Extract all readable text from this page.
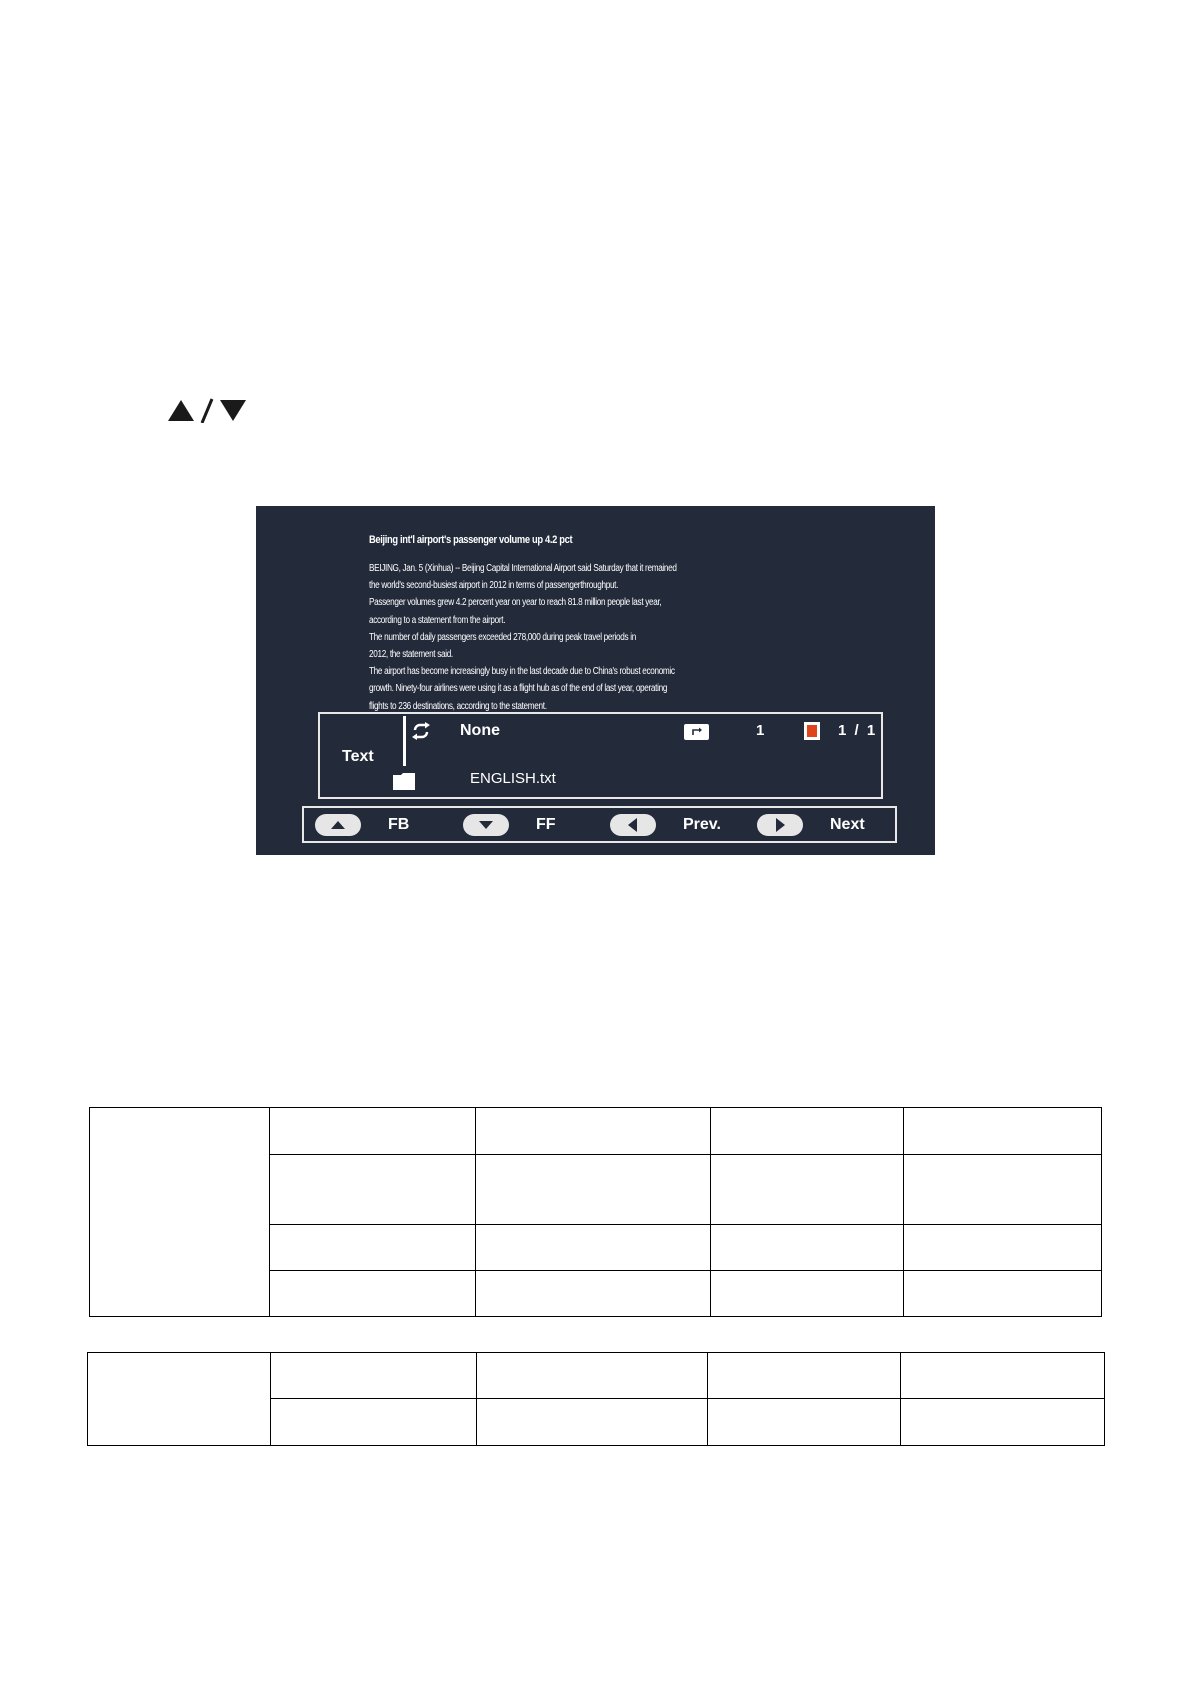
Beijing int'l airport's passenger volume up 4.2 pct
BEIJING, Jan. 5 (Xinhua) -- Beijing Capital International Airport said Saturday that it remained
the world's second-busiest airport in 2012 in terms of passengerthroughput.
Passenger volumes grew 4.2 percent year on year to reach 81.8 million people last year,
according to a statement from the airport.
The number of daily passengers exceeded 278,000 during peak travel periods in
2012, the statement said.
The airport has become increasingly busy in the last decade due to China's robust economic
growth. Ninety-four airlines were using it as a flight hub as of the end of last year, operating
flights to 236 destinations, according to the statement.
Text
None	1	1 / 1
ENGLISH.txt
FB	FF	Prev.	Next
